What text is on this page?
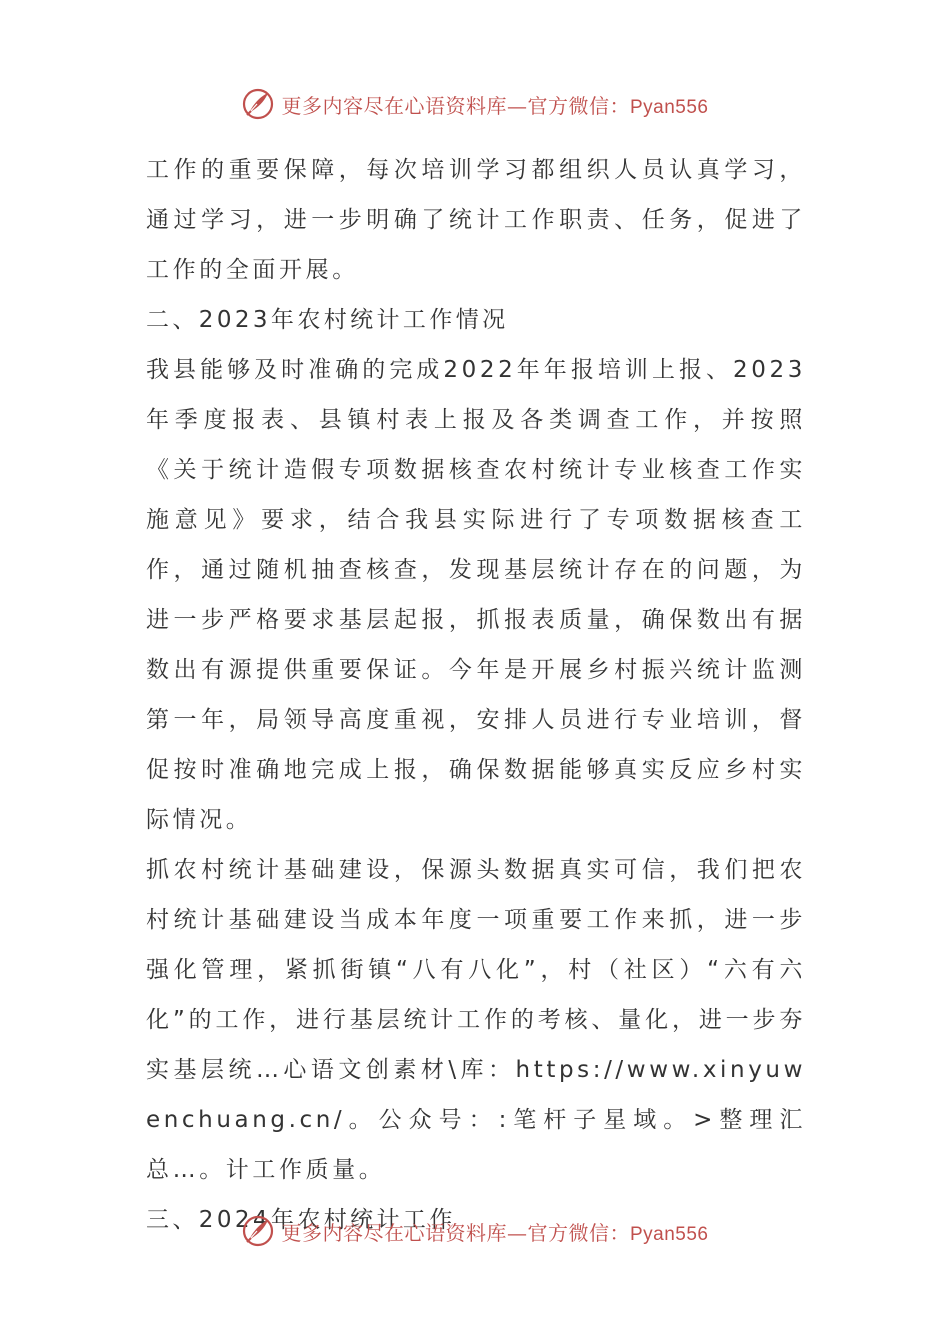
更多内容尽在心语资料库—官方微信：Pyan556

工作的重要保障，每次培训学习都组织人员认真学习，通过学习，进一步明确了统计工作职责、任务，促进了工作的全面开展。

二、2023年农村统计工作情况

我县能够及时准确的完成2022年年报培训上报、2023年季度报表、县镇村表上报及各类调查工作，并按照《关于统计造假专项数据核查农村统计专业核查工作实施意见》要求，结合我县实际进行了专项数据核查工作，通过随机抽查核查，发现基层统计存在的问题，为进一步严格要求基层起报，抓报表质量，确保数出有据数出有源提供重要保证。今年是开展乡村振兴统计监测第一年，局领导高度重视，安排人员进行专业培训，督促按时准确地完成上报，确保数据能够真实反应乡村实际情况。

抓农村统计基础建设，保源头数据真实可信，我们把农村统计基础建设当成本年度一项重要工作来抓，进一步强化管理，紧抓街镇“八有八化”，村（社区）“六有六化”的工作，进行基层统计工作的考核、量化，进一步夯实基层统…心语文创素材\库：https://www.xinyuwenchuang.cn/。公众号：:笔杆子星域。>整理汇总…。计工作质量。

三、2024年农村统计工作

更多内容尽在心语资料库—官方微信：Pyan556
